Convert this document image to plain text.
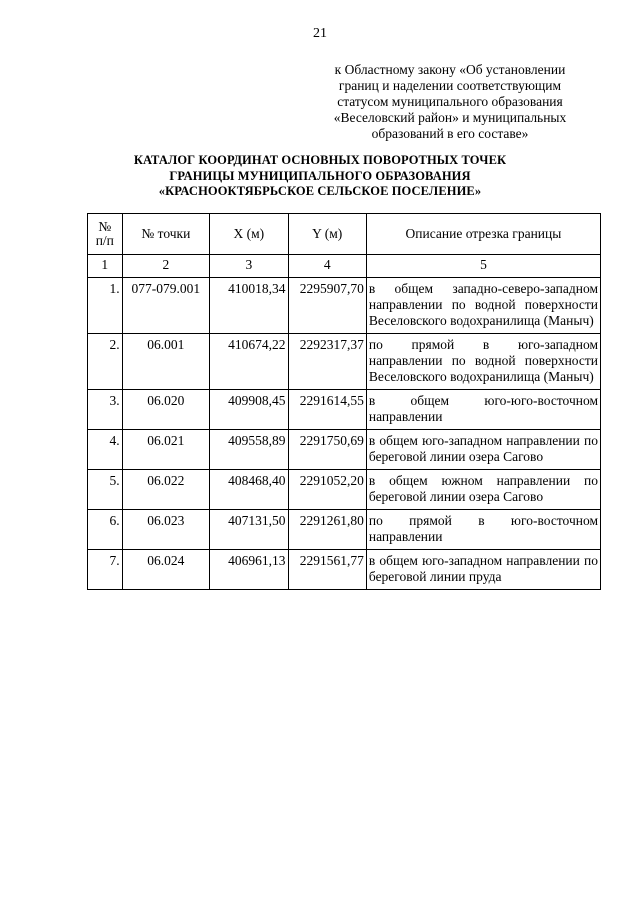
21
к Областному закону «Об установлении
границ и наделении соответствующим
статусом муниципального образования
«Веселовский район» и муниципальных
образований в его составе»
КАТАЛОГ КООРДИНАТ ОСНОВНЫХ ПОВОРОТНЫХ ТОЧЕК
ГРАНИЦЫ МУНИЦИПАЛЬНОГО ОБРАЗОВАНИЯ
«КРАСНООКТЯБРЬСКОЕ СЕЛЬСКОЕ ПОСЕЛЕНИЕ»
№
п/п	№ точки	X (м)	Y (м)	Описание отрезка границы
1	2	3	4	5
1.	077-079.001	410018,34	2295907,70	в общем западно-северо-западном направлении по водной поверхности Веселовского водохранилища (Маныч)
2.	06.001	410674,22	2292317,37	по прямой в юго-западном направлении по водной поверхности Веселовского водохранилища (Маныч)
3.	06.020	409908,45	2291614,55	в общем юго-юго-восточном направлении
4.	06.021	409558,89	2291750,69	в общем юго-западном направлении по береговой линии озера Сагово
5.	06.022	408468,40	2291052,20	в общем южном направлении по береговой линии озера Сагово
6.	06.023	407131,50	2291261,80	по прямой в юго-восточном направлении
7.	06.024	406961,13	2291561,77	в общем юго-западном направлении по береговой линии пруда
